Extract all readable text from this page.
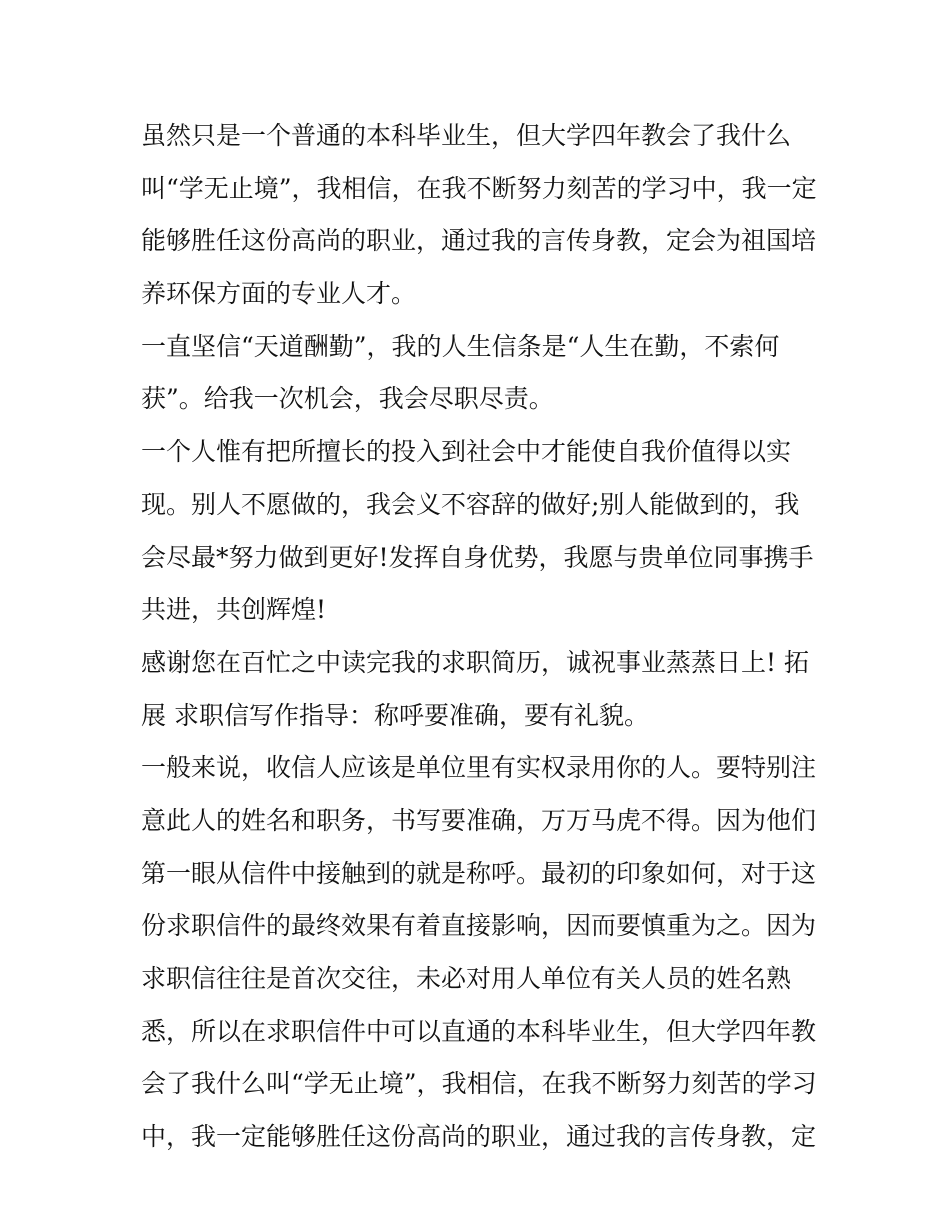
虽然只是一个普通的本科毕业生，但大学四年教会了我什么
叫“学无止境”，我相信，在我不断努力刻苦的学习中，我一定
能够胜任这份高尚的职业，通过我的言传身教，定会为祖国培
养环保方面的专业人才。
一直坚信“天道酬勤”，我的人生信条是“人生在勤，不索何
获”。给我一次机会，我会尽职尽责。
一个人惟有把所擅长的投入到社会中才能使自我价值得以实
现。别人不愿做的，我会义不容辞的做好;别人能做到的，我
会尽最*努力做到更好!发挥自身优势，我愿与贵单位同事携手
共进，共创辉煌!
感谢您在百忙之中读完我的求职简历，诚祝事业蒸蒸日上! 拓
展 求职信写作指导：称呼要准确，要有礼貌。
一般来说，收信人应该是单位里有实权录用你的人。要特别注
意此人的姓名和职务，书写要准确，万万马虎不得。因为他们
第一眼从信件中接触到的就是称呼。最初的印象如何，对于这
份求职信件的最终效果有着直接影响，因而要慎重为之。因为
求职信往往是首次交往，未必对用人单位有关人员的姓名熟
悉，所以在求职信件中可以直通的本科毕业生，但大学四年教
会了我什么叫“学无止境”，我相信，在我不断努力刻苦的学习
中，我一定能够胜任这份高尚的职业，通过我的言传身教，定
